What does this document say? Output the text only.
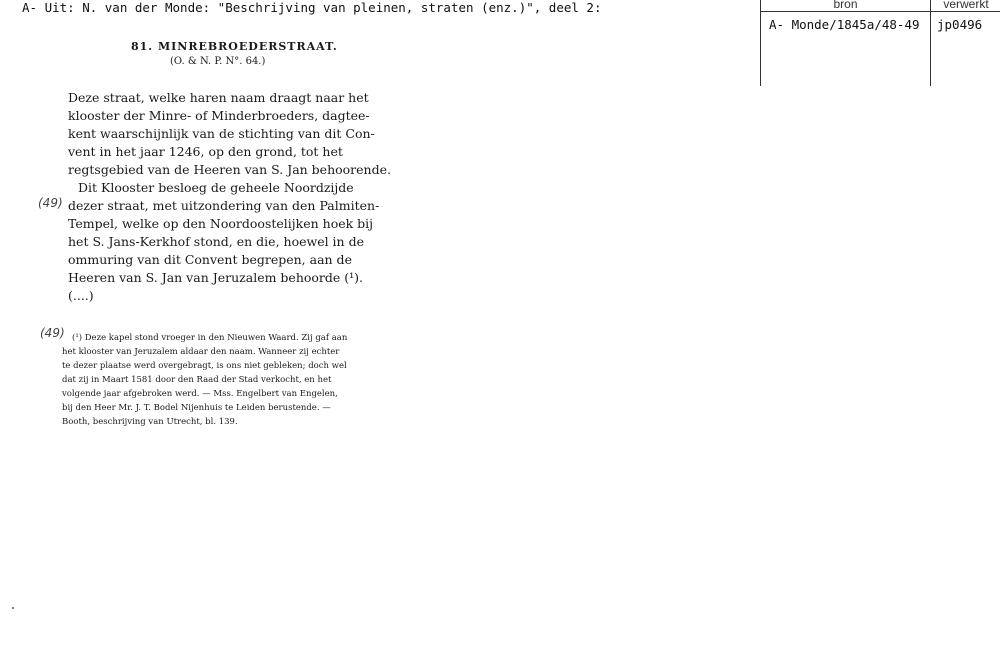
A- Uit: N. van der Monde: "Beschrijving van pleinen, straten (enz.)", deel 2:	bron	verwerkt
A- Monde/1845a/48-49	jp0496
81. MINREBROEDERSTRAAT.
(O. & N. P. N°. 64.)
Deze straat, welke haren naam draagt naar het
klooster der Minre- of Minderbroeders, dagtee-
kent waarschijnlijk van de stichting van dit Con-
vent in het jaar 1246, op den grond, tot het
regtsgebied van de Heeren van S. Jan behoorende.
Dit Klooster besloeg de geheele Noordzijde
dezer straat, met uitzondering van den Palmiten-
Tempel, welke op den Noordoostelijken hoek bij
het S. Jans-Kerkhof stond, en die, hoewel in de
ommuring van dit Convent begrepen, aan de
Heeren van S. Jan van Jeruzalem behoorde (¹).
(....)
(49)
(49) (¹) Deze kapel stond vroeger in den Nieuwen Waard. Zij gaf aan
het klooster van Jeruzalem aldaar den naam. Wanneer zij echter
te dezer plaatse werd overgebragt, is ons niet gebleken; doch wel
dat zij in Maart 1581 door den Raad der Stad verkocht, en het
volgende jaar afgebroken werd. — Mss. Engelbert van Engelen,
bij den Heer Mr. J. T. Bodel Nijenhuis te Leiden berustende. —
Booth, beschrijving van Utrecht, bl. 139.
